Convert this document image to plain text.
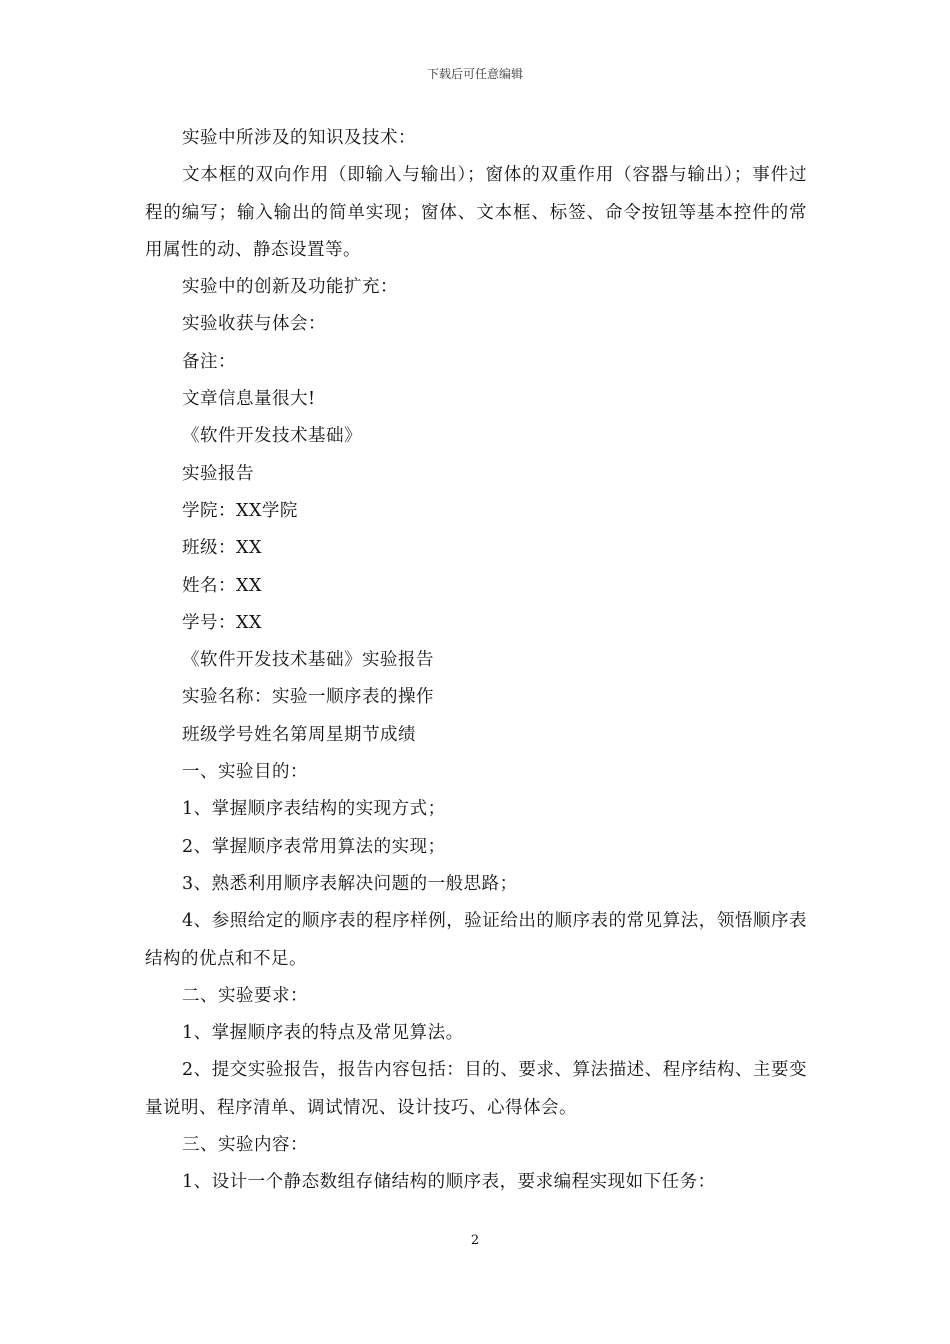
下载后可任意编辑

实验中所涉及的知识及技术：

文本框的双向作用（即输入与输出）；窗体的双重作用（容器与输出）；事件过程的编写；输入输出的简单实现；窗体、文本框、标签、命令按钮等基本控件的常用属性的动、静态设置等。

实验中的创新及功能扩充：

实验收获与体会：

备注：

文章信息量很大!

《软件开发技术基础》

实验报告

学院：XX学院

班级：XX

姓名：XX

学号：XX

《软件开发技术基础》实验报告

实验名称：实验一顺序表的操作

班级学号姓名第周星期节成绩

一、实验目的：

1、掌握顺序表结构的实现方式；

2、掌握顺序表常用算法的实现；

3、熟悉利用顺序表解决问题的一般思路；

4、参照给定的顺序表的程序样例，验证给出的顺序表的常见算法，领悟顺序表结构的优点和不足。

二、实验要求：

1、掌握顺序表的特点及常见算法。

2、提交实验报告，报告内容包括：目的、要求、算法描述、程序结构、主要变量说明、程序清单、调试情况、设计技巧、心得体会。

三、实验内容：

1、设计一个静态数组存储结构的顺序表，要求编程实现如下任务：

2
